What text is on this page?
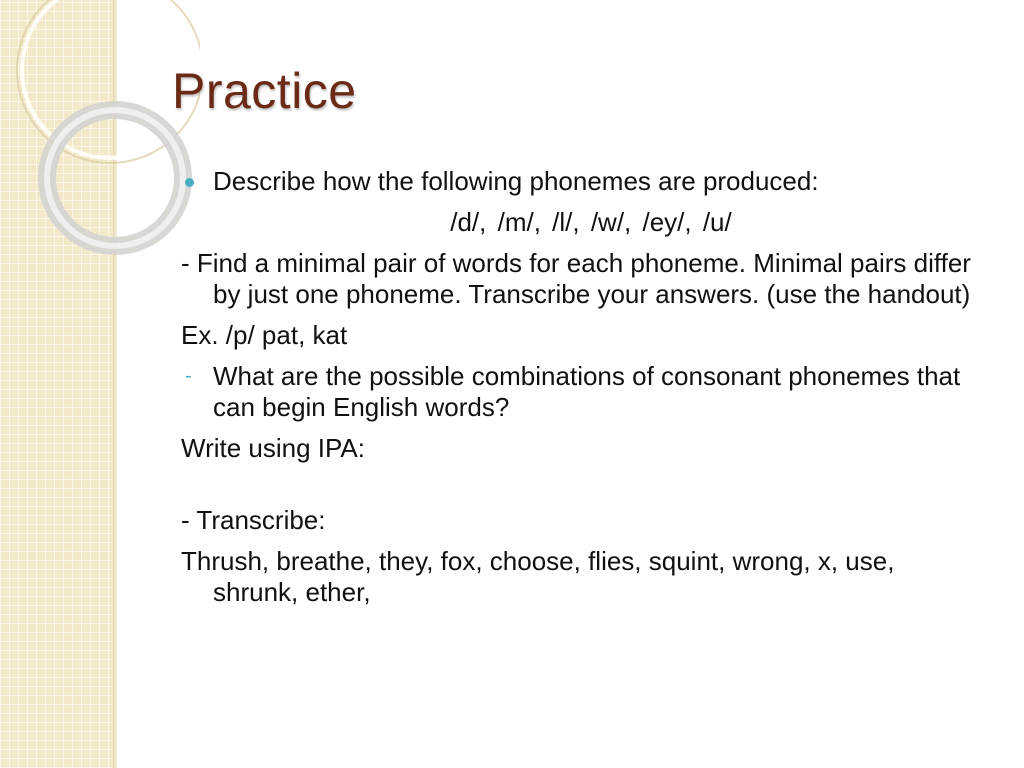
Practice

Describe how the following phonemes are produced:

/d/, /m/, /l/, /w/, /ey/, /u/

- Find a minimal pair of words for each phoneme. Minimal pairs differ by just one phoneme. Transcribe your answers. (use the handout)

Ex. /p/ pat, kat

- What are the possible combinations of consonant phonemes that can begin English words?

Write using IPA:

- Transcribe:

Thrush, breathe, they, fox, choose, flies, squint, wrong, x, use, shrunk, ether,
